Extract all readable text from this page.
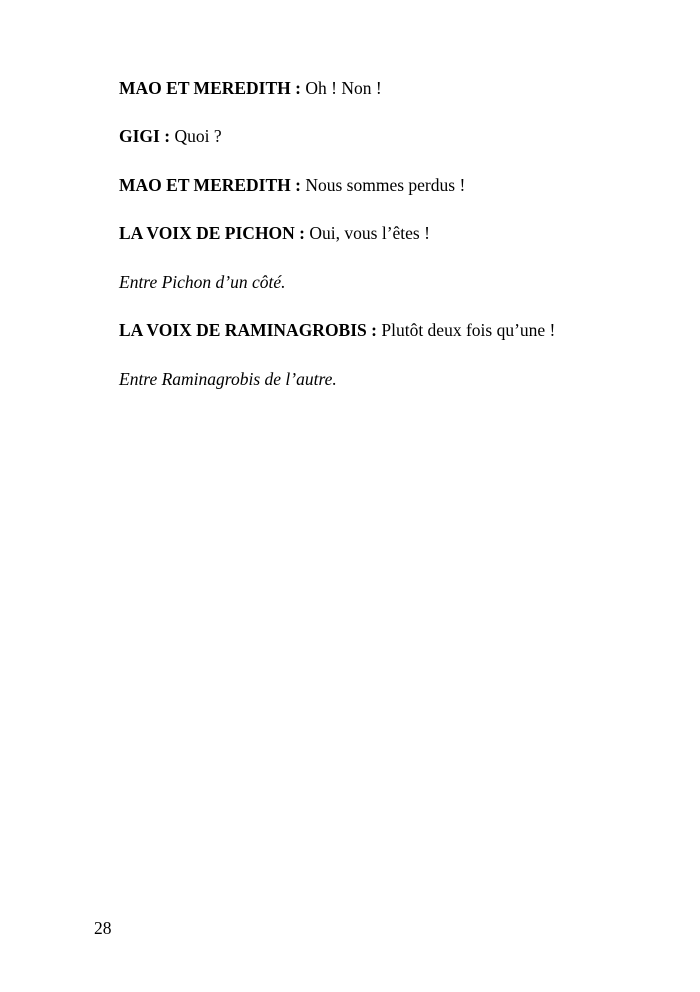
MAO ET MEREDITH : Oh ! Non !
GIGI : Quoi ?
MAO ET MEREDITH : Nous sommes perdus !
LA VOIX DE PICHON : Oui, vous l’êtes !
Entre Pichon d’un côté.
LA VOIX DE RAMINAGROBIS : Plutôt deux fois qu’une !
Entre Raminagrobis de l’autre.
28
